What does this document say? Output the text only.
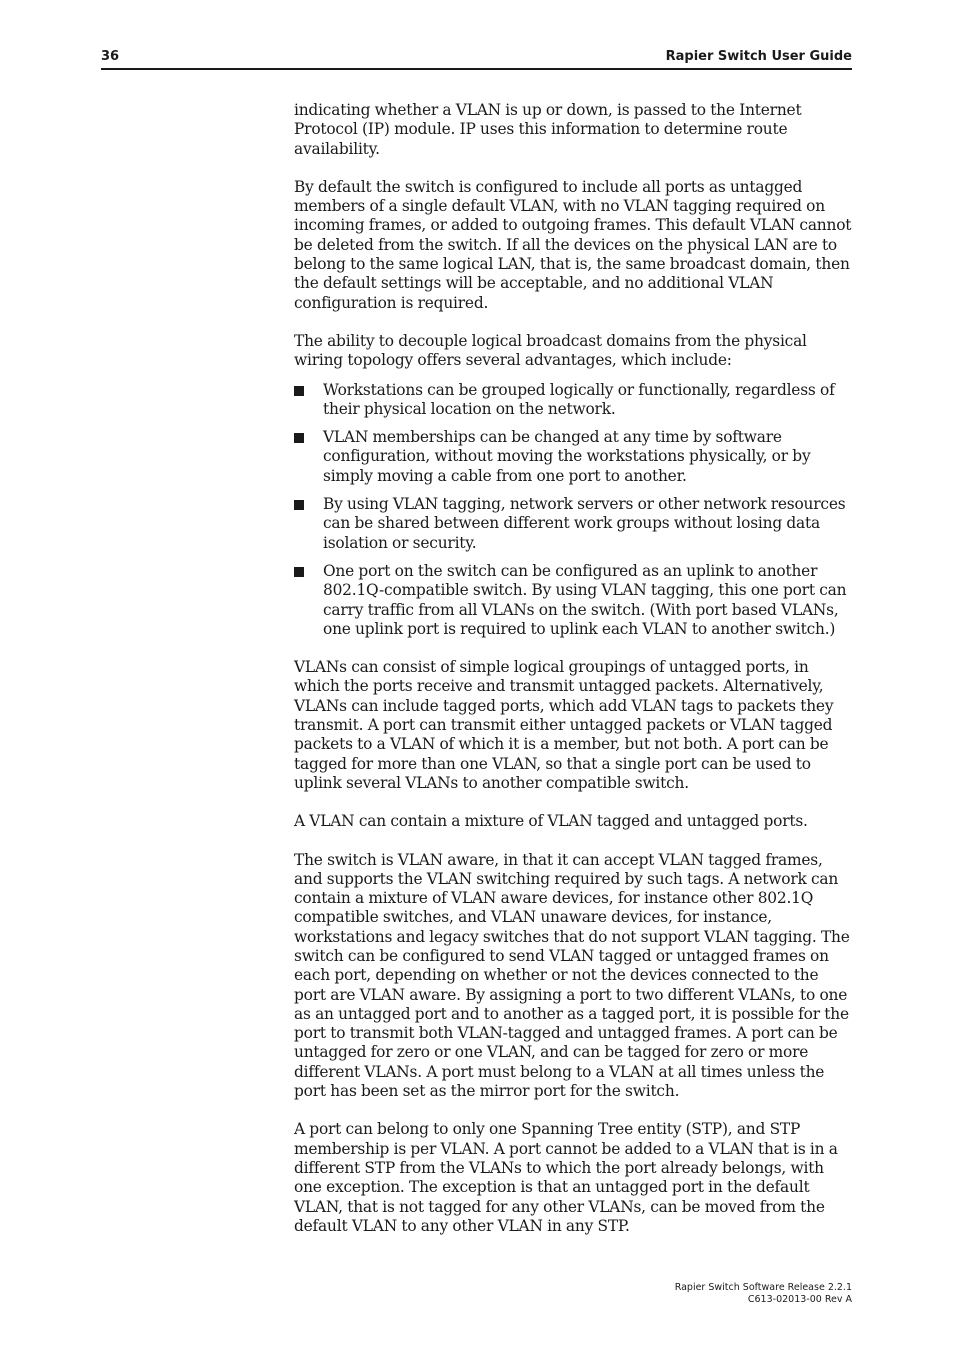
36	Rapier Switch User Guide

indicating whether a VLAN is up or down, is passed to the Internet Protocol (IP) module. IP uses this information to determine route availability.

By default the switch is configured to include all ports as untagged members of a single default VLAN, with no VLAN tagging required on incoming frames, or added to outgoing frames. This default VLAN cannot be deleted from the switch. If all the devices on the physical LAN are to belong to the same logical LAN, that is, the same broadcast domain, then the default settings will be acceptable, and no additional VLAN configuration is required.

The ability to decouple logical broadcast domains from the physical wiring topology offers several advantages, which include:

Workstations can be grouped logically or functionally, regardless of their physical location on the network.
VLAN memberships can be changed at any time by software configuration, without moving the workstations physically, or by simply moving a cable from one port to another.
By using VLAN tagging, network servers or other network resources can be shared between different work groups without losing data isolation or security.
One port on the switch can be configured as an uplink to another 802.1Q-compatible switch. By using VLAN tagging, this one port can carry traffic from all VLANs on the switch. (With port based VLANs, one uplink port is required to uplink each VLAN to another switch.)

VLANs can consist of simple logical groupings of untagged ports, in which the ports receive and transmit untagged packets. Alternatively, VLANs can include tagged ports, which add VLAN tags to packets they transmit. A port can transmit either untagged packets or VLAN tagged packets to a VLAN of which it is a member, but not both. A port can be tagged for more than one VLAN, so that a single port can be used to uplink several VLANs to another compatible switch.

A VLAN can contain a mixture of VLAN tagged and untagged ports.

The switch is VLAN aware, in that it can accept VLAN tagged frames, and supports the VLAN switching required by such tags. A network can contain a mixture of VLAN aware devices, for instance other 802.1Q compatible switches, and VLAN unaware devices, for instance, workstations and legacy switches that do not support VLAN tagging. The switch can be configured to send VLAN tagged or untagged frames on each port, depending on whether or not the devices connected to the port are VLAN aware. By assigning a port to two different VLANs, to one as an untagged port and to another as a tagged port, it is possible for the port to transmit both VLAN-tagged and untagged frames. A port can be untagged for zero or one VLAN, and can be tagged for zero or more different VLANs. A port must belong to a VLAN at all times unless the port has been set as the mirror port for the switch.

A port can belong to only one Spanning Tree entity (STP), and STP membership is per VLAN. A port cannot be added to a VLAN that is in a different STP from the VLANs to which the port already belongs, with one exception. The exception is that an untagged port in the default VLAN, that is not tagged for any other VLANs, can be moved from the default VLAN to any other VLAN in any STP.

Rapier Switch Software Release 2.2.1
C613-02013-00 Rev A
